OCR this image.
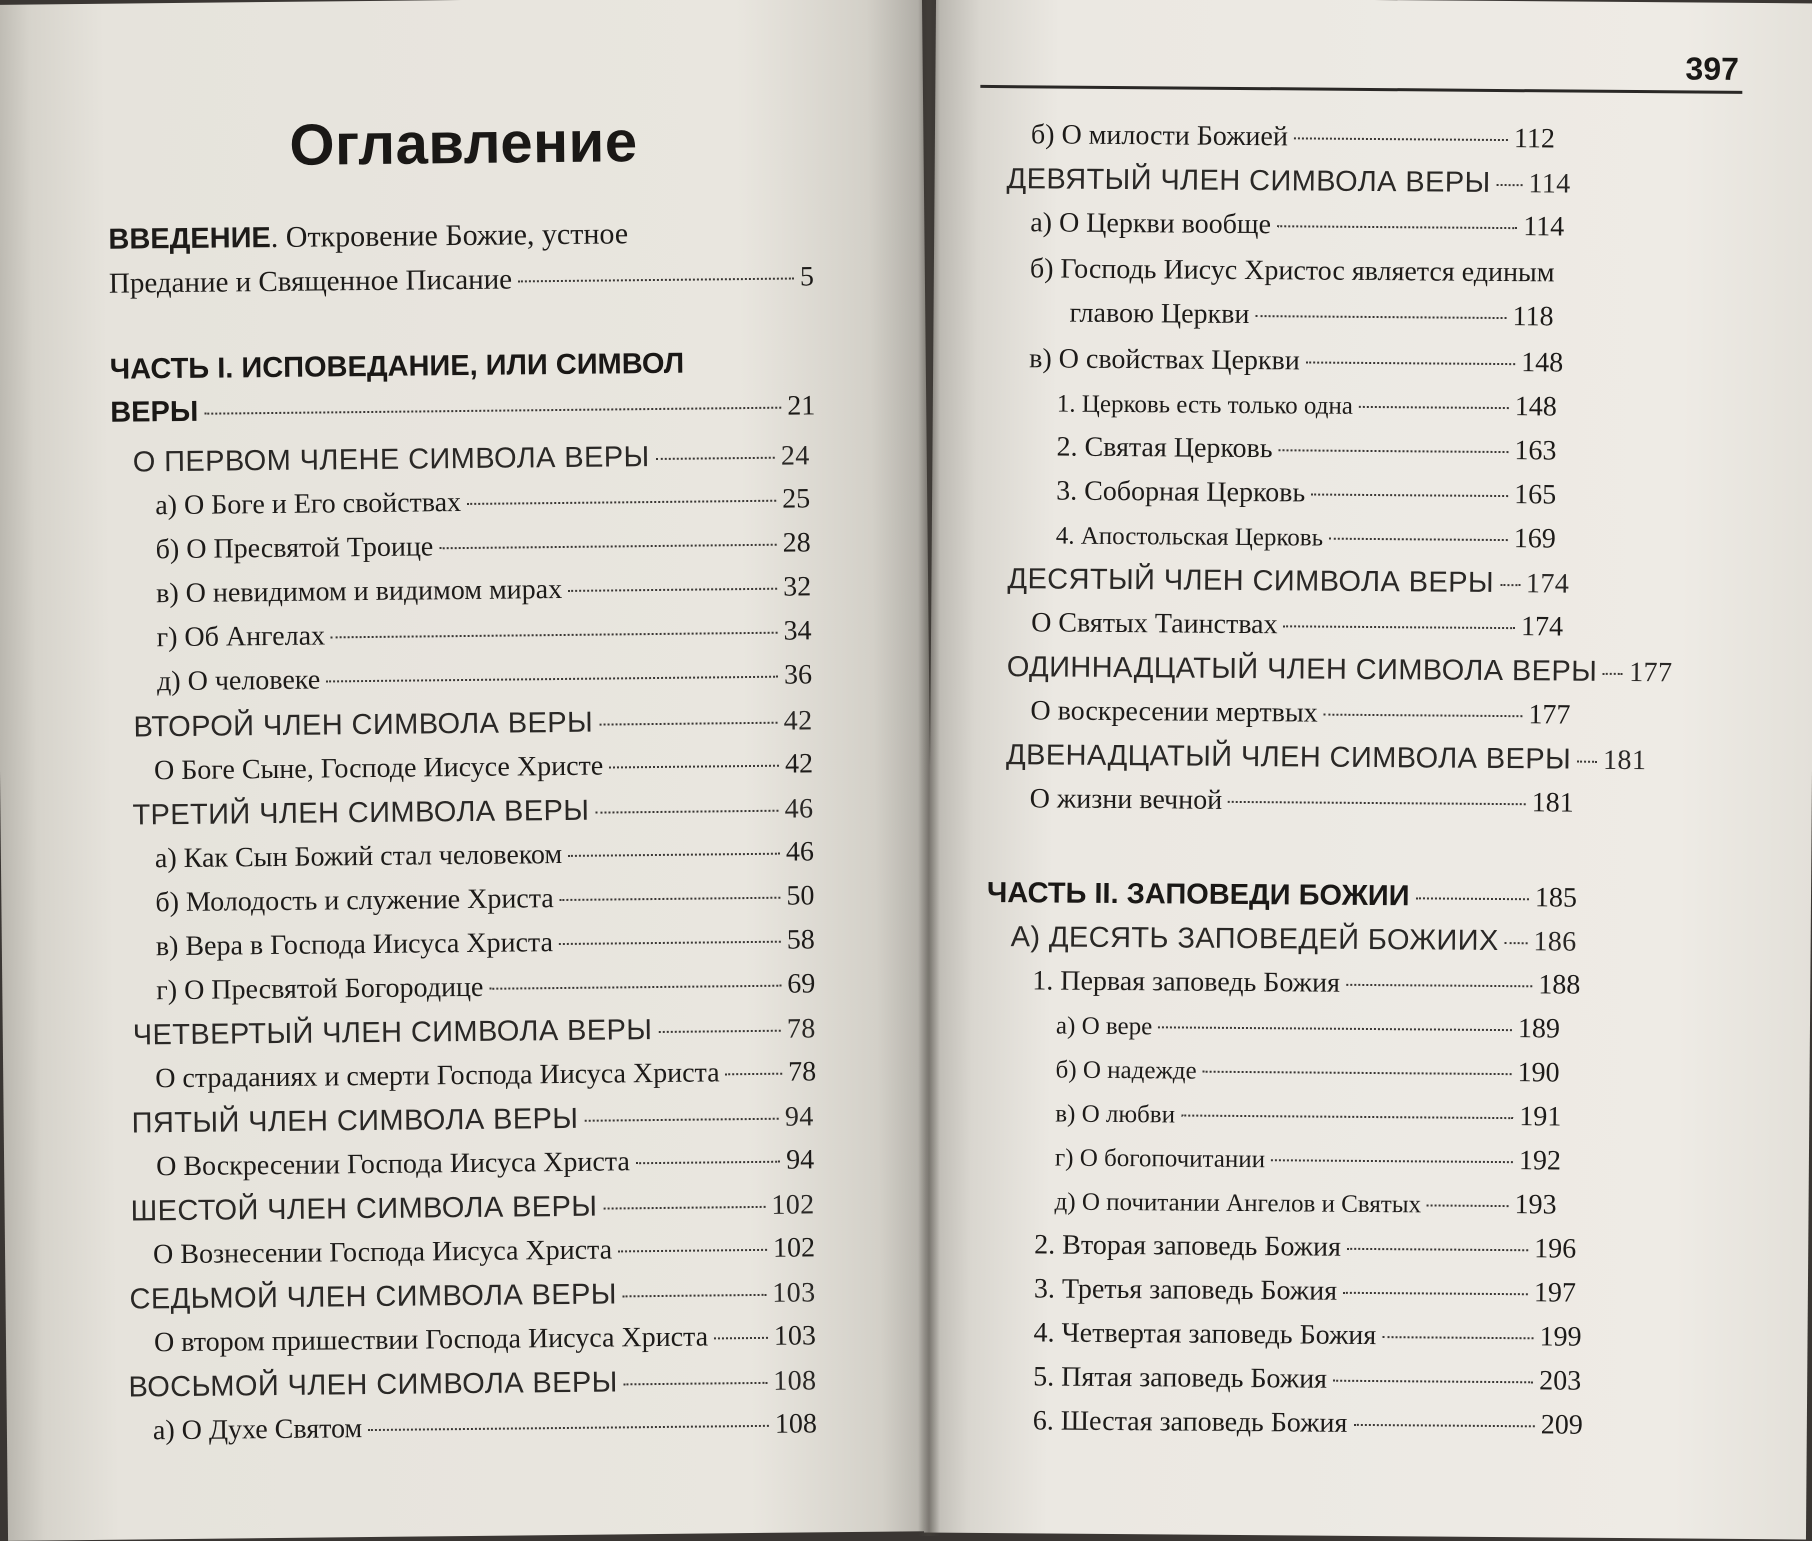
Оглавление
ВВЕДЕНИЕ. Откровение Божие, устное
Предание и Священное Писание	5
ЧАСТЬ I. ИСПОВЕДАНИЕ, ИЛИ СИМВОЛ
ВЕРЫ	21
О ПЕРВОМ ЧЛЕНЕ СИМВОЛА ВЕРЫ	24
а) О Боге и Его свойствах	25
б) О Пресвятой Троице	28
в) О невидимом и видимом мирах	32
г) Об Ангелах	34
д) О человеке	36
ВТОРОЙ ЧЛЕН СИМВОЛА ВЕРЫ	42
О Боге Сыне, Господе Иисусе Христе	42
ТРЕТИЙ ЧЛЕН СИМВОЛА ВЕРЫ	46
а) Как Сын Божий стал человеком	46
б) Молодость и служение Христа	50
в) Вера в Господа Иисуса Христа	58
г) О Пресвятой Богородице	69
ЧЕТВЕРТЫЙ ЧЛЕН СИМВОЛА ВЕРЫ	78
О страданиях и смерти Господа Иисуса Христа 78
ПЯТЫЙ ЧЛЕН СИМВОЛА ВЕРЫ	94
О Воскресении Господа Иисуса Христа	94
ШЕСТОЙ ЧЛЕН СИМВОЛА ВЕРЫ	102
О Вознесении Господа Иисуса Христа	102
СЕДЬМОЙ ЧЛЕН СИМВОЛА ВЕРЫ	103
О втором пришествии Господа Иисуса Христа 103
ВОСЬМОЙ ЧЛЕН СИМВОЛА ВЕРЫ	108
а) О Духе Святом	108
397
б) О милости Божией	112
ДЕВЯТЫЙ ЧЛЕН СИМВОЛА ВЕРЫ 114
а) О Церкви вообще	114
б) Господь Иисус Христос является единым
главою Церкви	118
в) О свойствах Церкви	148
1. Церковь есть только одна	148
2. Святая Церковь	163
3. Соборная Церковь	165
4. Апостольская Церковь	169
ДЕСЯТЫЙ ЧЛЕН СИМВОЛА ВЕРЫ 174
О Святых Таинствах	174
ОДИННАДЦАТЫЙ ЧЛЕН СИМВОЛА ВЕРЫ 177
О воскресении мертвых	177
ДВЕНАДЦАТЫЙ ЧЛЕН СИМВОЛА ВЕРЫ 181
О жизни вечной	181
ЧАСТЬ II. ЗАПОВЕДИ БОЖИИ	185
А) ДЕСЯТЬ ЗАПОВЕДЕЙ БОЖИИХ 186
1. Первая заповедь Божия	188
а) О вере	189
б) О надежде	190
в) О любви	191
г) О богопочитании	192
д) О почитании Ангелов и Святых	193
2. Вторая заповедь Божия	196
3. Третья заповедь Божия	197
4. Четвертая заповедь Божия	199
5. Пятая заповедь Божия	203
6. Шестая заповедь Божия	209
